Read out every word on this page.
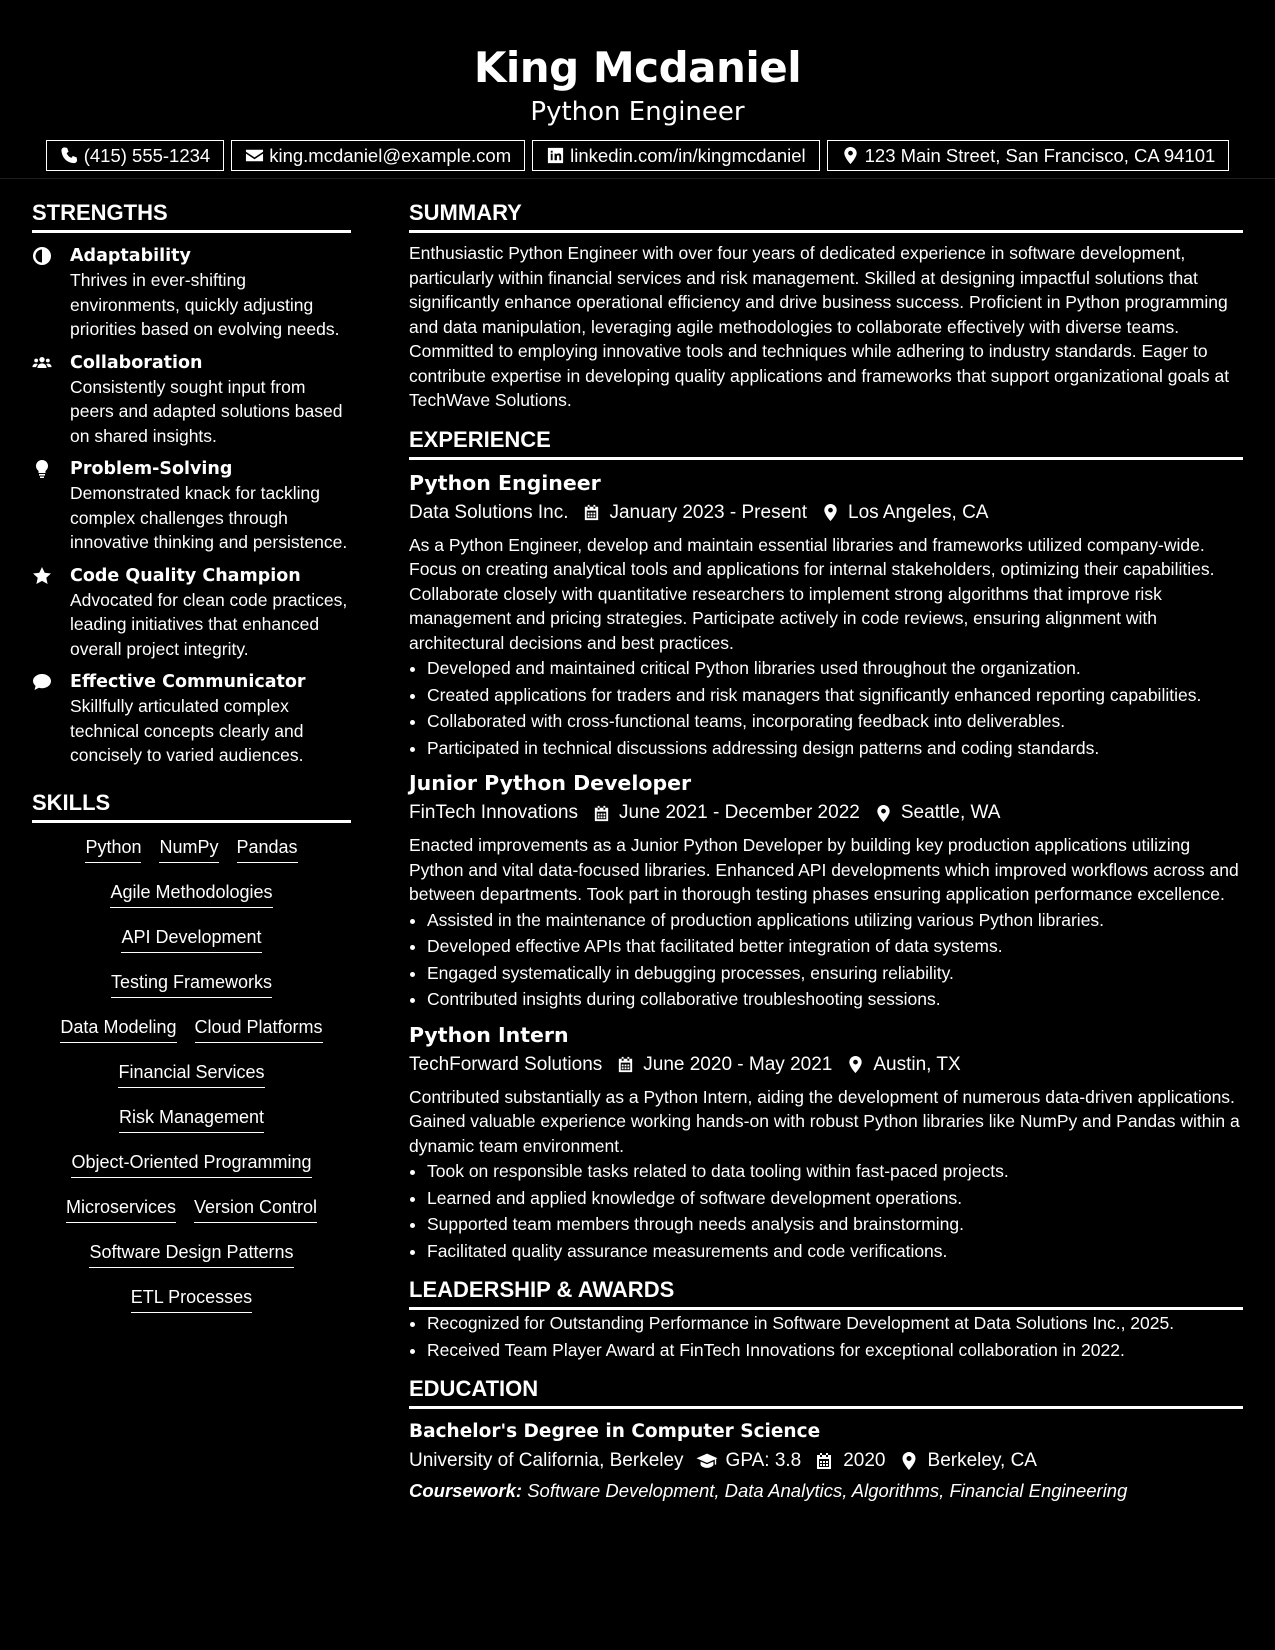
King Mcdaniel
Python Engineer
(415) 555-1234	king.mcdaniel@example.com	linkedin.com/in/kingmcdaniel	123 Main Street, San Francisco, CA 94101
STRENGTHS
Adaptability
Thrives in ever-shifting environments, quickly adjusting priorities based on evolving needs.
Collaboration
Consistently sought input from peers and adapted solutions based on shared insights.
Problem-Solving
Demonstrated knack for tackling complex challenges through innovative thinking and persistence.
Code Quality Champion
Advocated for clean code practices, leading initiatives that enhanced overall project integrity.
Effective Communicator
Skillfully articulated complex technical concepts clearly and concisely to varied audiences.
SKILLS
Python NumPy Pandas
Agile Methodologies
API Development
Testing Frameworks
Data Modeling Cloud Platforms
Financial Services
Risk Management
Object-Oriented Programming
Microservices Version Control
Software Design Patterns
ETL Processes
SUMMARY
Enthusiastic Python Engineer with over four years of dedicated experience in software development, particularly within financial services and risk management. Skilled at designing impactful solutions that significantly enhance operational efficiency and drive business success. Proficient in Python programming and data manipulation, leveraging agile methodologies to collaborate effectively with diverse teams. Committed to employing innovative tools and techniques while adhering to industry standards. Eager to contribute expertise in developing quality applications and frameworks that support organizational goals at TechWave Solutions.
EXPERIENCE
Python Engineer
Data Solutions Inc. January 2023 - Present Los Angeles, CA
As a Python Engineer, develop and maintain essential libraries and frameworks utilized company-wide. Focus on creating analytical tools and applications for internal stakeholders, optimizing their capabilities. Collaborate closely with quantitative researchers to implement strong algorithms that improve risk management and pricing strategies. Participate actively in code reviews, ensuring alignment with architectural decisions and best practices.
• Developed and maintained critical Python libraries used throughout the organization.
• Created applications for traders and risk managers that significantly enhanced reporting capabilities.
• Collaborated with cross-functional teams, incorporating feedback into deliverables.
• Participated in technical discussions addressing design patterns and coding standards.
Junior Python Developer
FinTech Innovations June 2021 - December 2022 Seattle, WA
Enacted improvements as a Junior Python Developer by building key production applications utilizing Python and vital data-focused libraries. Enhanced API developments which improved workflows across and between departments. Took part in thorough testing phases ensuring application performance excellence.
• Assisted in the maintenance of production applications utilizing various Python libraries.
• Developed effective APIs that facilitated better integration of data systems.
• Engaged systematically in debugging processes, ensuring reliability.
• Contributed insights during collaborative troubleshooting sessions.
Python Intern
TechForward Solutions June 2020 - May 2021 Austin, TX
Contributed substantially as a Python Intern, aiding the development of numerous data-driven applications. Gained valuable experience working hands-on with robust Python libraries like NumPy and Pandas within a dynamic team environment.
• Took on responsible tasks related to data tooling within fast-paced projects.
• Learned and applied knowledge of software development operations.
• Supported team members through needs analysis and brainstorming.
• Facilitated quality assurance measurements and code verifications.
LEADERSHIP & AWARDS
• Recognized for Outstanding Performance in Software Development at Data Solutions Inc., 2025.
• Received Team Player Award at FinTech Innovations for exceptional collaboration in 2022.
EDUCATION
Bachelor's Degree in Computer Science
University of California, Berkeley GPA: 3.8 2020 Berkeley, CA
Coursework: Software Development, Data Analytics, Algorithms, Financial Engineering
